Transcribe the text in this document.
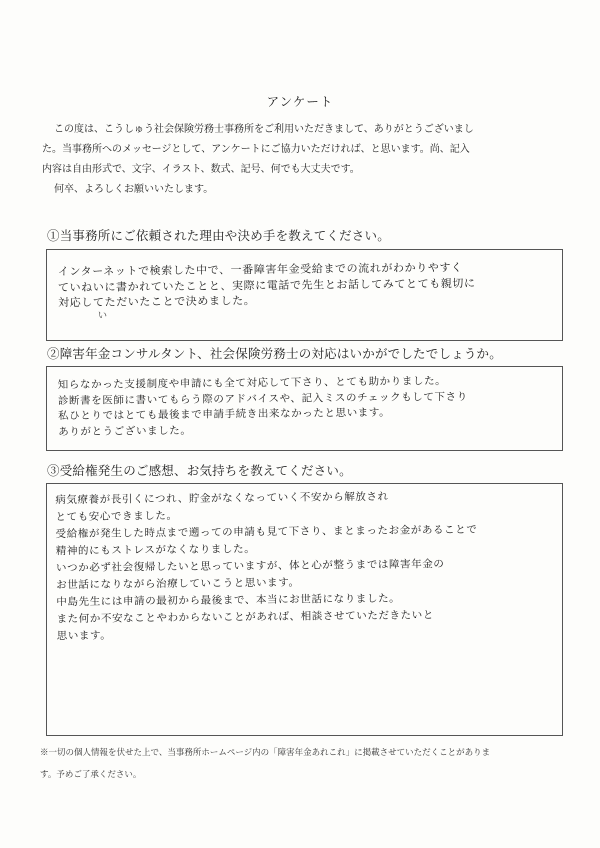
アンケート

この度は、こうしゅう社会保険労務士事務所をご利用いただきまして、ありがとうございまし

た。当事務所へのメッセージとして、アンケートにご協力いただければ、と思います。尚、記入

内容は自由形式で、文字、イラスト、数式、記号、何でも大丈夫です。

何卒、よろしくお願いいたします。

①当事務所にご依頼された理由や決め手を教えてください。

インターネットで検索した中で、一番障害年金受給までの流れがわかりやすく

ていねいに書かれていたことと、実際に電話で先生とお話してみてとても親切に

対応してただいたことで決めました。

い
②障害年金コンサルタント、社会保険労務士の対応はいかがでしたでしょうか。

知らなかった支援制度や申請にも全て対応して下さり、とても助かりました。

診断書を医師に書いてもらう際のアドバイスや、記入ミスのチェックもして下さり

私ひとりではとても最後まで申請手続き出来なかったと思います。

ありがとうございました。

③受給権発生のご感想、お気持ちを教えてください。

病気療養が長引くにつれ、貯金がなくなっていく不安から解放され

とても安心できました。

受給権が発生した時点まで遡っての申請も見て下さり、まとまったお金があることで

精神的にもストレスがなくなりました。

いつか必ず社会復帰したいと思っていますが、体と心が整うまでは障害年金の

お世話になりながら治療していこうと思います。

中島先生には申請の最初から最後まで、本当にお世話になりました。

また何か不安なことやわからないことがあれば、相談させていただきたいと

思います。

※一切の個人情報を伏せた上で、当事務所ホームページ内の「障害年金あれこれ」に掲載させていただくことがありま

す。予めご了承ください。
